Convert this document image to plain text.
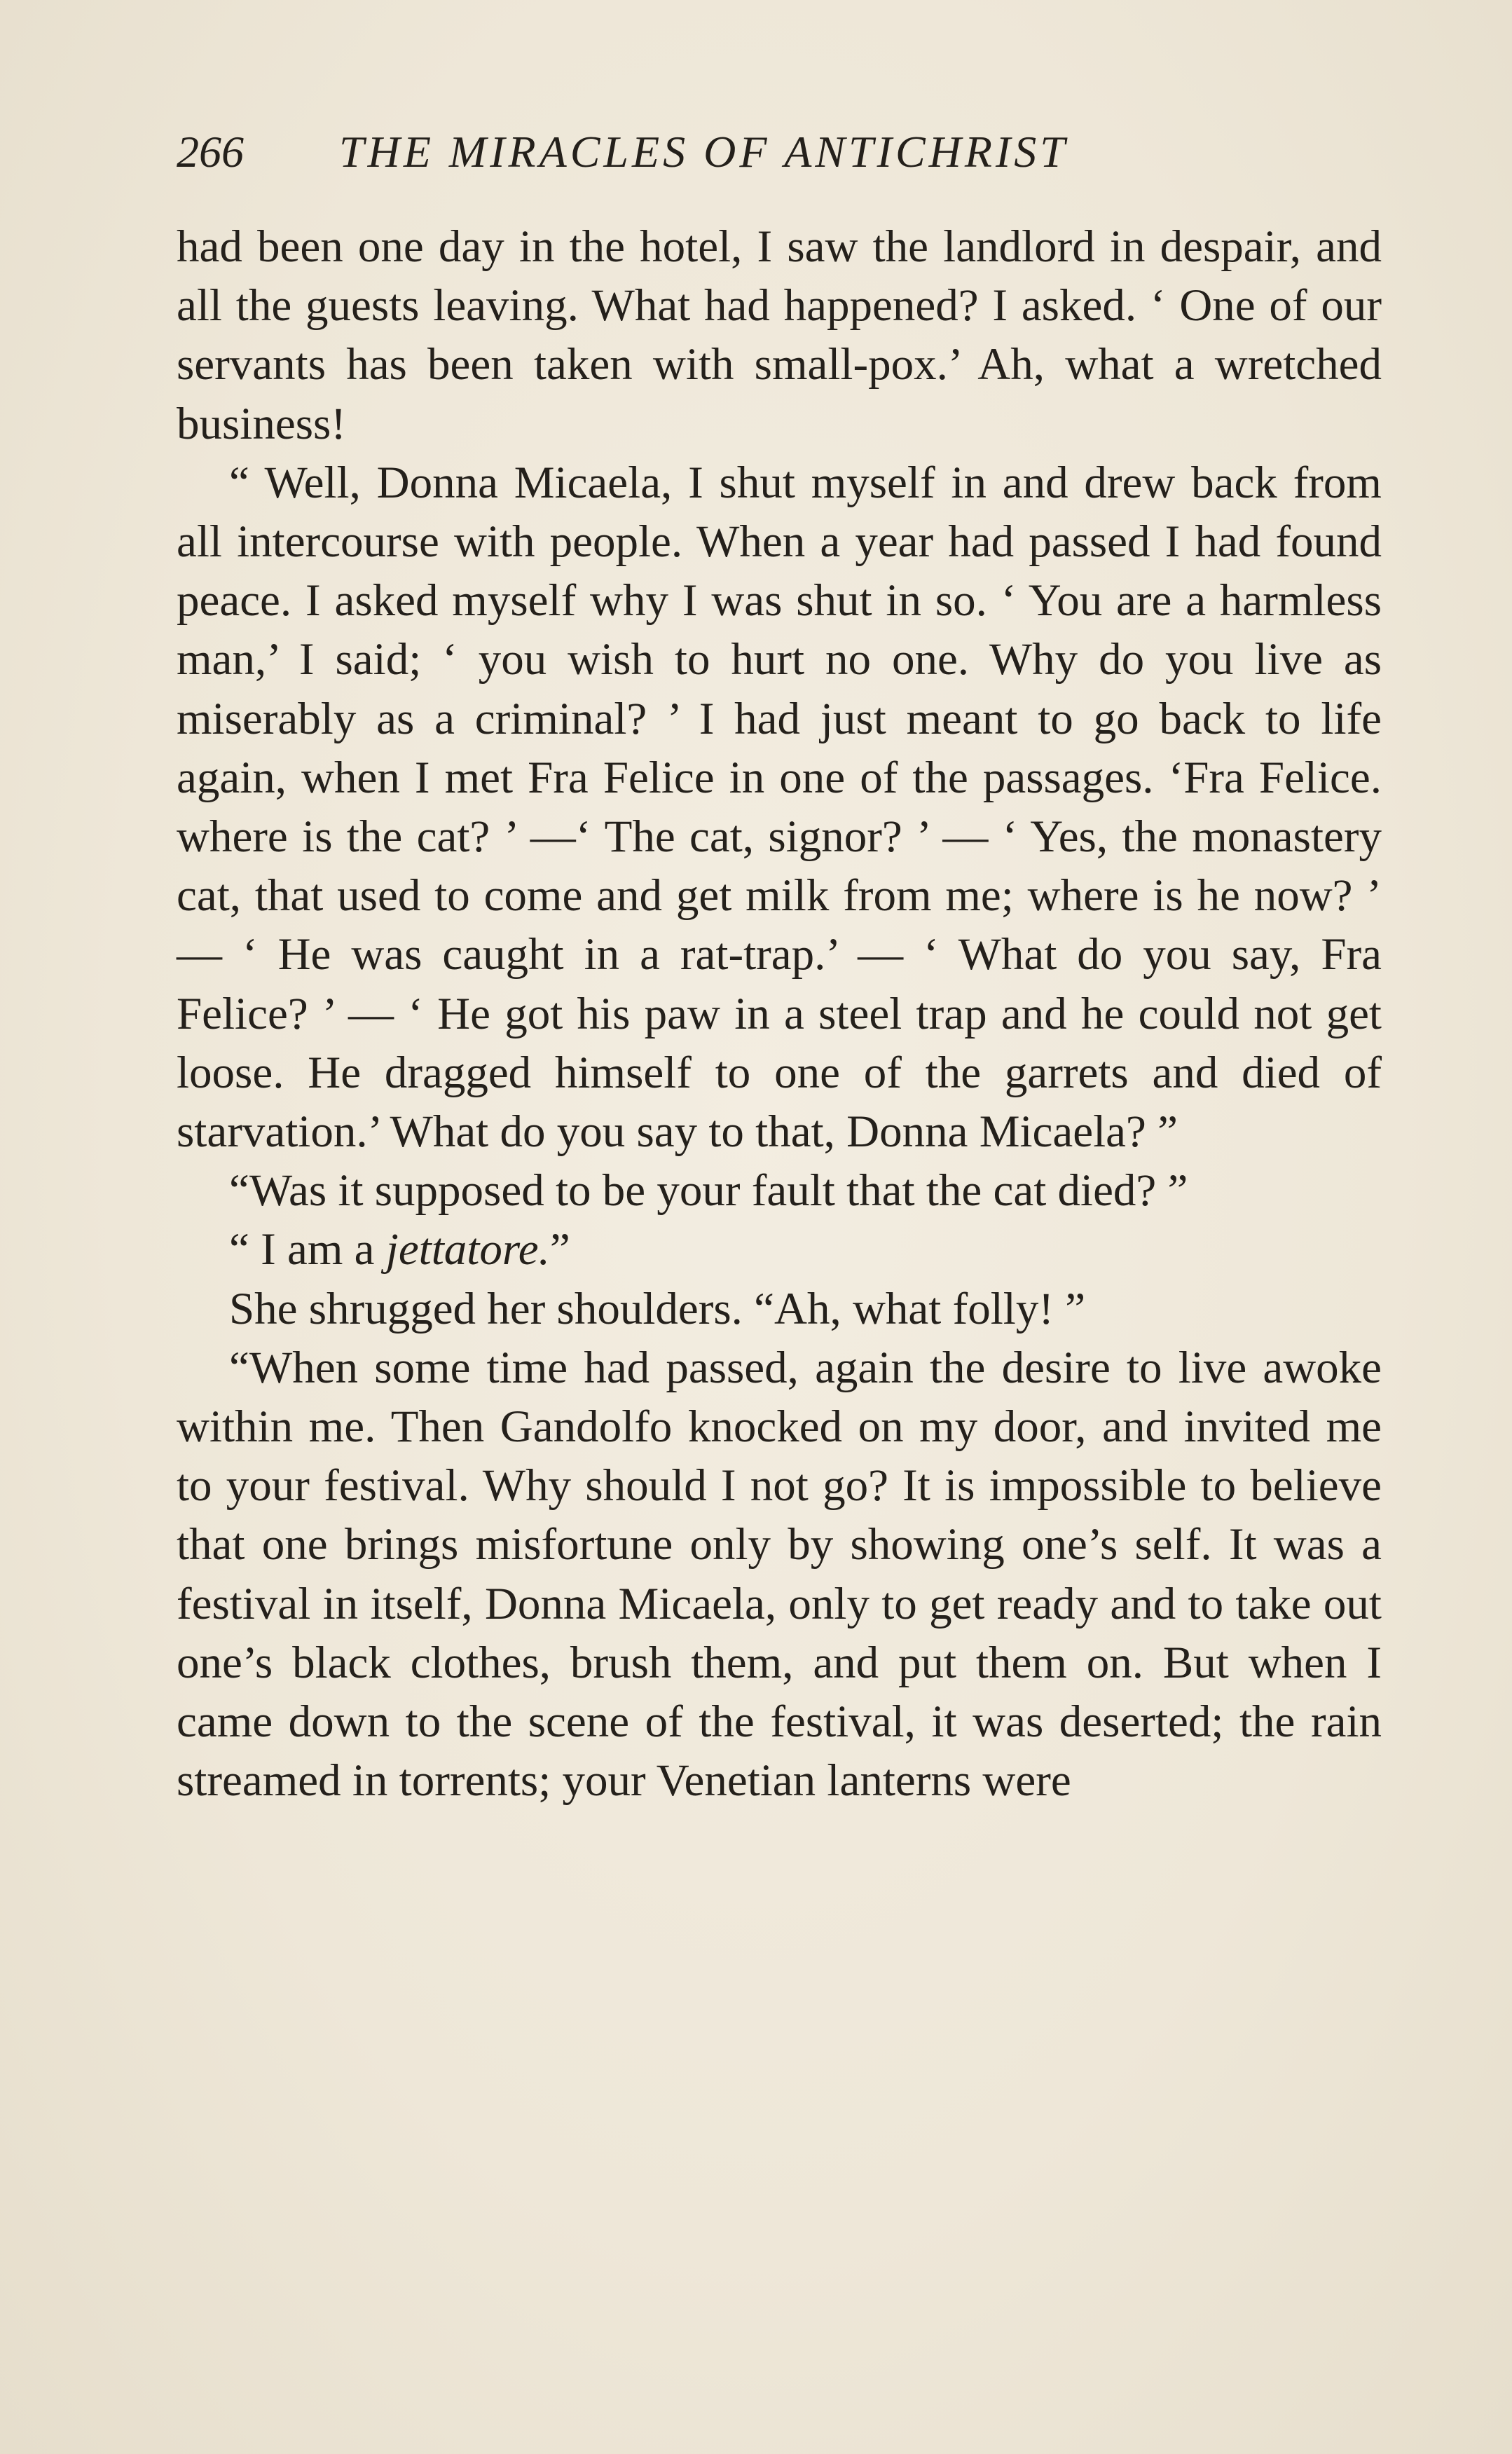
266 THE MIRACLES OF ANTICHRIST

had been one day in the hotel, I saw the landlord in despair, and all the guests leaving. What had happened? I asked. ‘ One of our servants has been taken with small-pox.’ Ah, what a wretched business!

“ Well, Donna Micaela, I shut myself in and drew back from all intercourse with people. When a year had passed I had found peace. I asked myself why I was shut in so. ‘ You are a harmless man,’ I said; ‘ you wish to hurt no one. Why do you live as miserably as a criminal? ’ I had just meant to go back to life again, when I met Fra Felice in one of the passages. ‘Fra Felice. where is the cat? ’ —‘ The cat, signor? ’ — ‘ Yes, the monastery cat, that used to come and get milk from me; where is he now? ’ — ‘ He was caught in a rat-trap.’ — ‘ What do you say, Fra Felice? ’ — ‘ He got his paw in a steel trap and he could not get loose. He dragged himself to one of the garrets and died of starvation.’ What do you say to that, Donna Micaela? ”

“Was it supposed to be your fault that the cat died? ”

“ I am a jettatore.”

She shrugged her shoulders. “Ah, what folly! ”

“When some time had passed, again the desire to live awoke within me. Then Gandolfo knocked on my door, and invited me to your festival. Why should I not go? It is impossible to believe that one brings misfortune only by showing one’s self. It was a festival in itself, Donna Micaela, only to get ready and to take out one’s black clothes, brush them, and put them on. But when I came down to the scene of the festival, it was deserted; the rain streamed in torrents; your Venetian lanterns were
